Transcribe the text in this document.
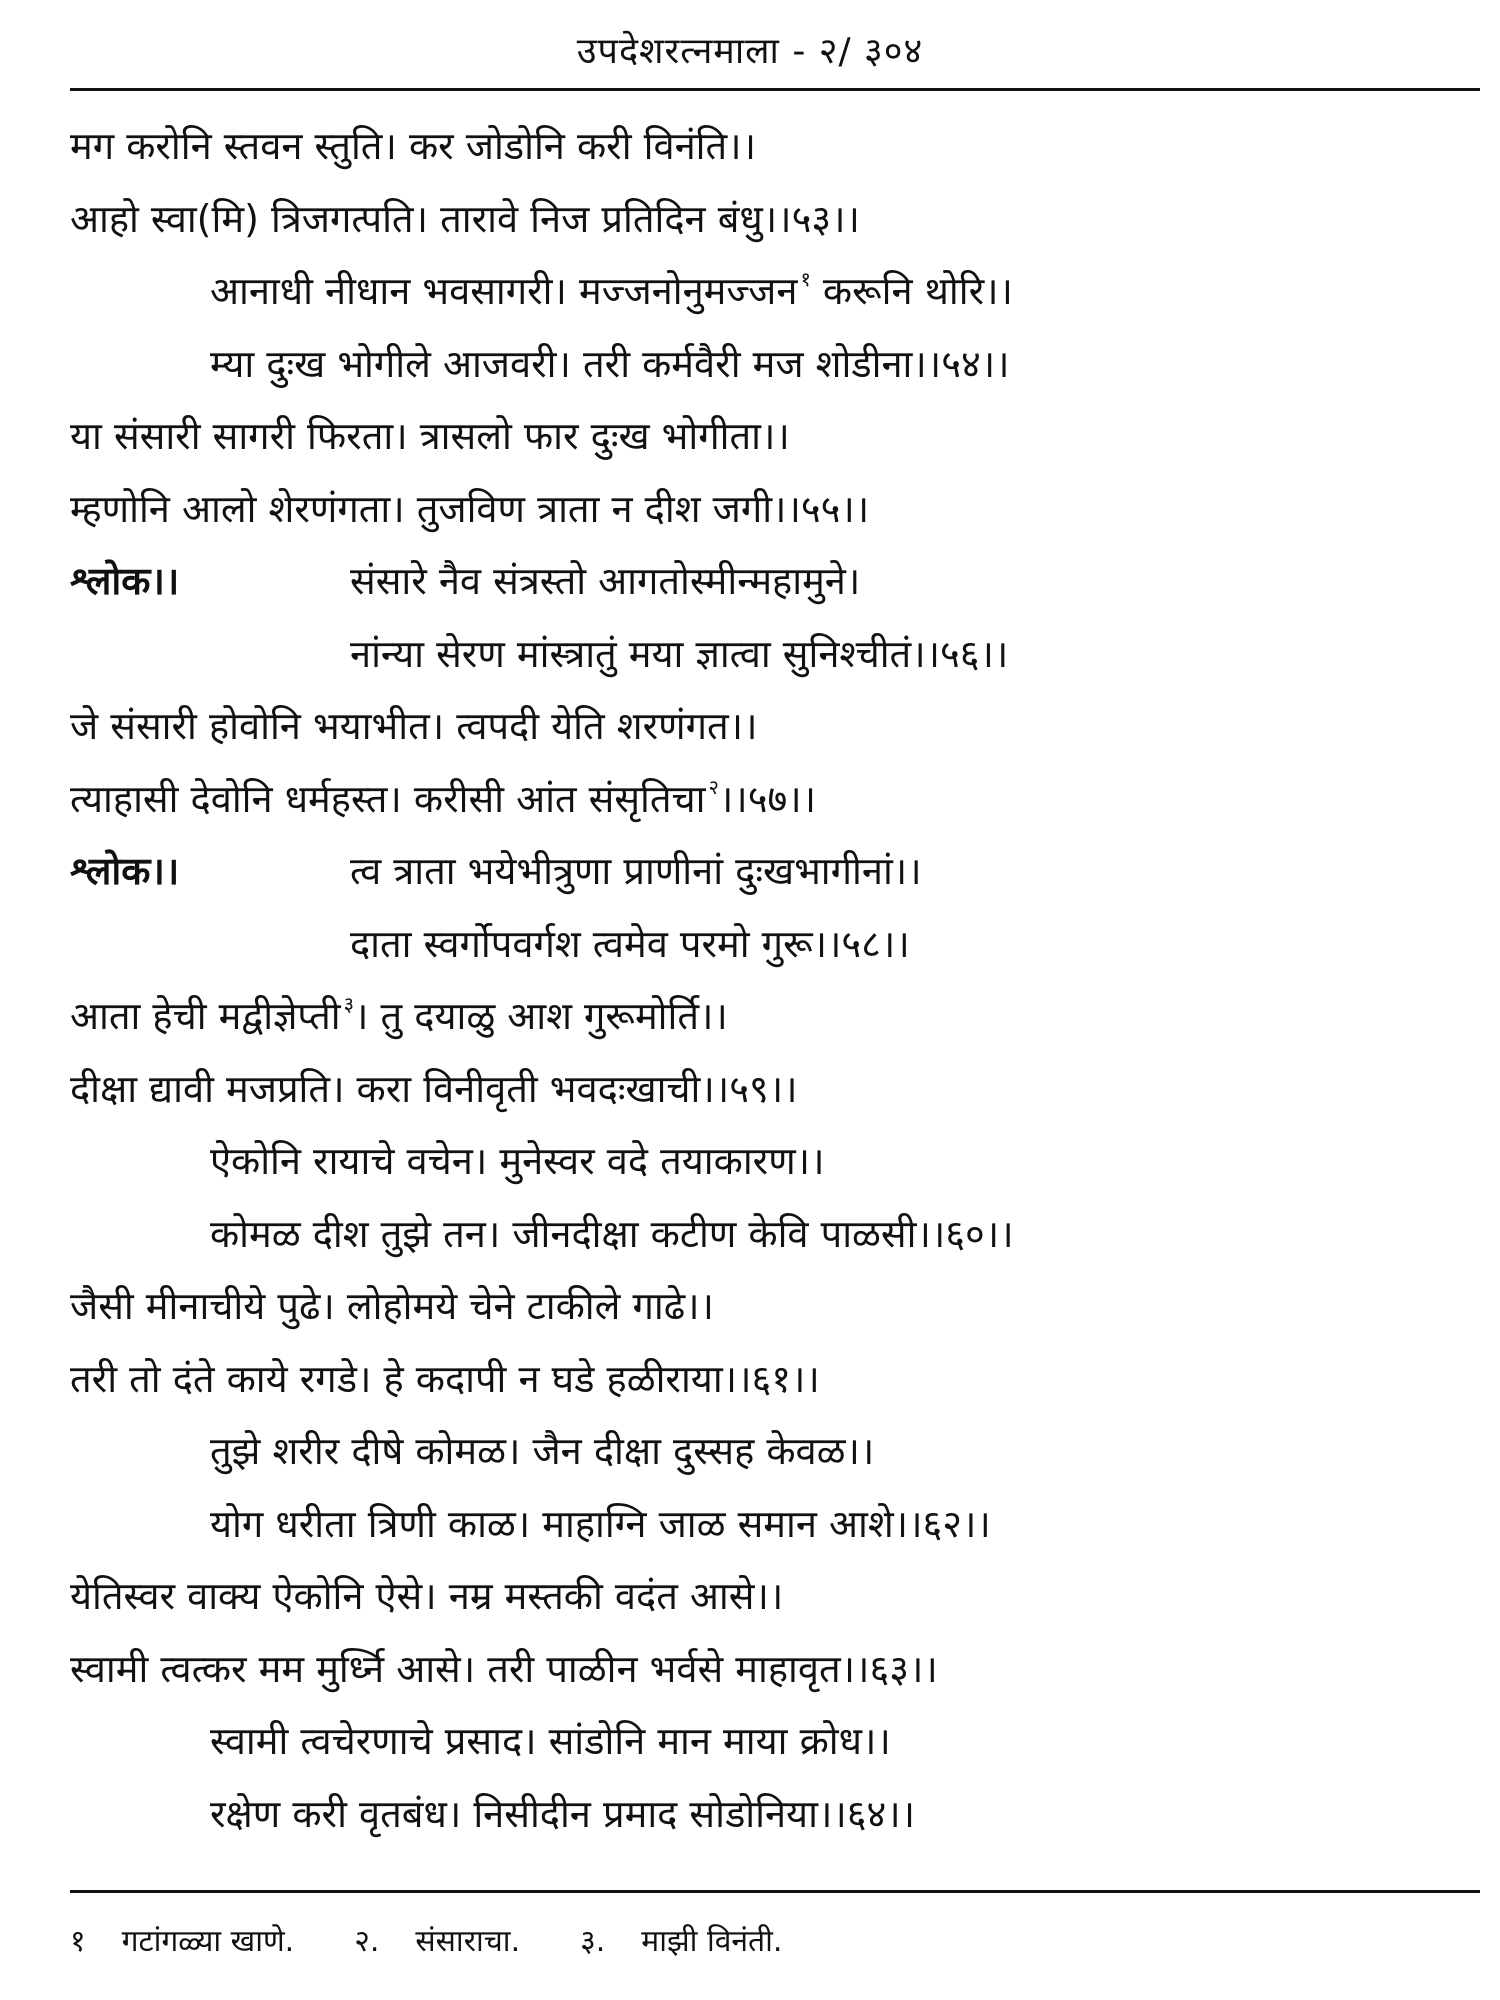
उपदेशरत्नमाला - २/ ३०४
मग करोनि स्तवन स्तुति। कर जोडोनि करी विनंति।।
आहो स्वा(मि) त्रिजगत्पति। तारावे निज प्रतिदिन बंधु।।५३।।
आनाधी नीधान भवसागरी। मज्जनोनुमज्जन $^१$ करूनि थोरि।।
म्या दुःख भोगीले आजवरी। तरी कर्मवैरी मज शोडीना।।५४।।
या संसारी सागरी फिरता। त्रासलो फार दुःख भोगीता।।
म्हणोनि आलो शेरणंगता। तुजविण त्राता न दीश जगी।।५५।।
श्लोक।।	संसारे नैव संत्रस्तो आगतोस्मीन्महामुने।
नांन्या सेरण मांस्त्रातुं मया ज्ञात्वा सुनिश्चीतं।।५६।।
जे संसारी होवोनि भयाभीत। त्वपदी येति शरणंगत।।
त्याहासी देवोनि धर्महस्त। करीसी आंत संसृतिचा $^२$।।५७।।
श्लोक।।	त्व त्राता भयेभीत्रुणा प्राणीनां दुःखभागीनां।।
दाता स्वर्गोपवर्गश त्वमेव परमो गुरू।।५८।।
आता हेची मद्वीज्ञेप्ती $^३$। तु दयाळु आश गुरूमोर्ति।।
दीक्षा द्यावी मजप्रति। करा विनीवृती भवदःखाची।।५९।।
ऐकोनि रायाचे वचेन। मुनेस्वर वदे तयाकारण।।
कोमळ दीश तुझे तन। जीनदीक्षा कटीण केवि पाळसी।।६०।।
जैसी मीनाचीये पुढे। लोहोमये चेने टाकीले गाढे।।
तरी तो दंते काये रगडे। हे कदापी न घडे हळीराया।।६१।।
तुझे शरीर दीषे कोमळ। जैन दीक्षा दुस्सह केवळ।।
योग धरीता त्रिणी काळ। माहाग्नि जाळ समान आशे।।६२।।
येतिस्वर वाक्य ऐकोनि ऐसे। नम्र मस्तकी वदंत आसे।।
स्वामी त्वत्कर मम मुर्ध्नि आसे। तरी पाळीन भर्वसे माहावृत।।६३।।
स्वामी त्वचेरणाचे प्रसाद। सांडोनि मान माया क्रोध।।
रक्षेण करी वृतबंध। निसीदीन प्रमाद सोडोनिया।।६४।।
१ गटांगळ्या खाणे. २. संसाराचा. ३. माझी विनंती.
